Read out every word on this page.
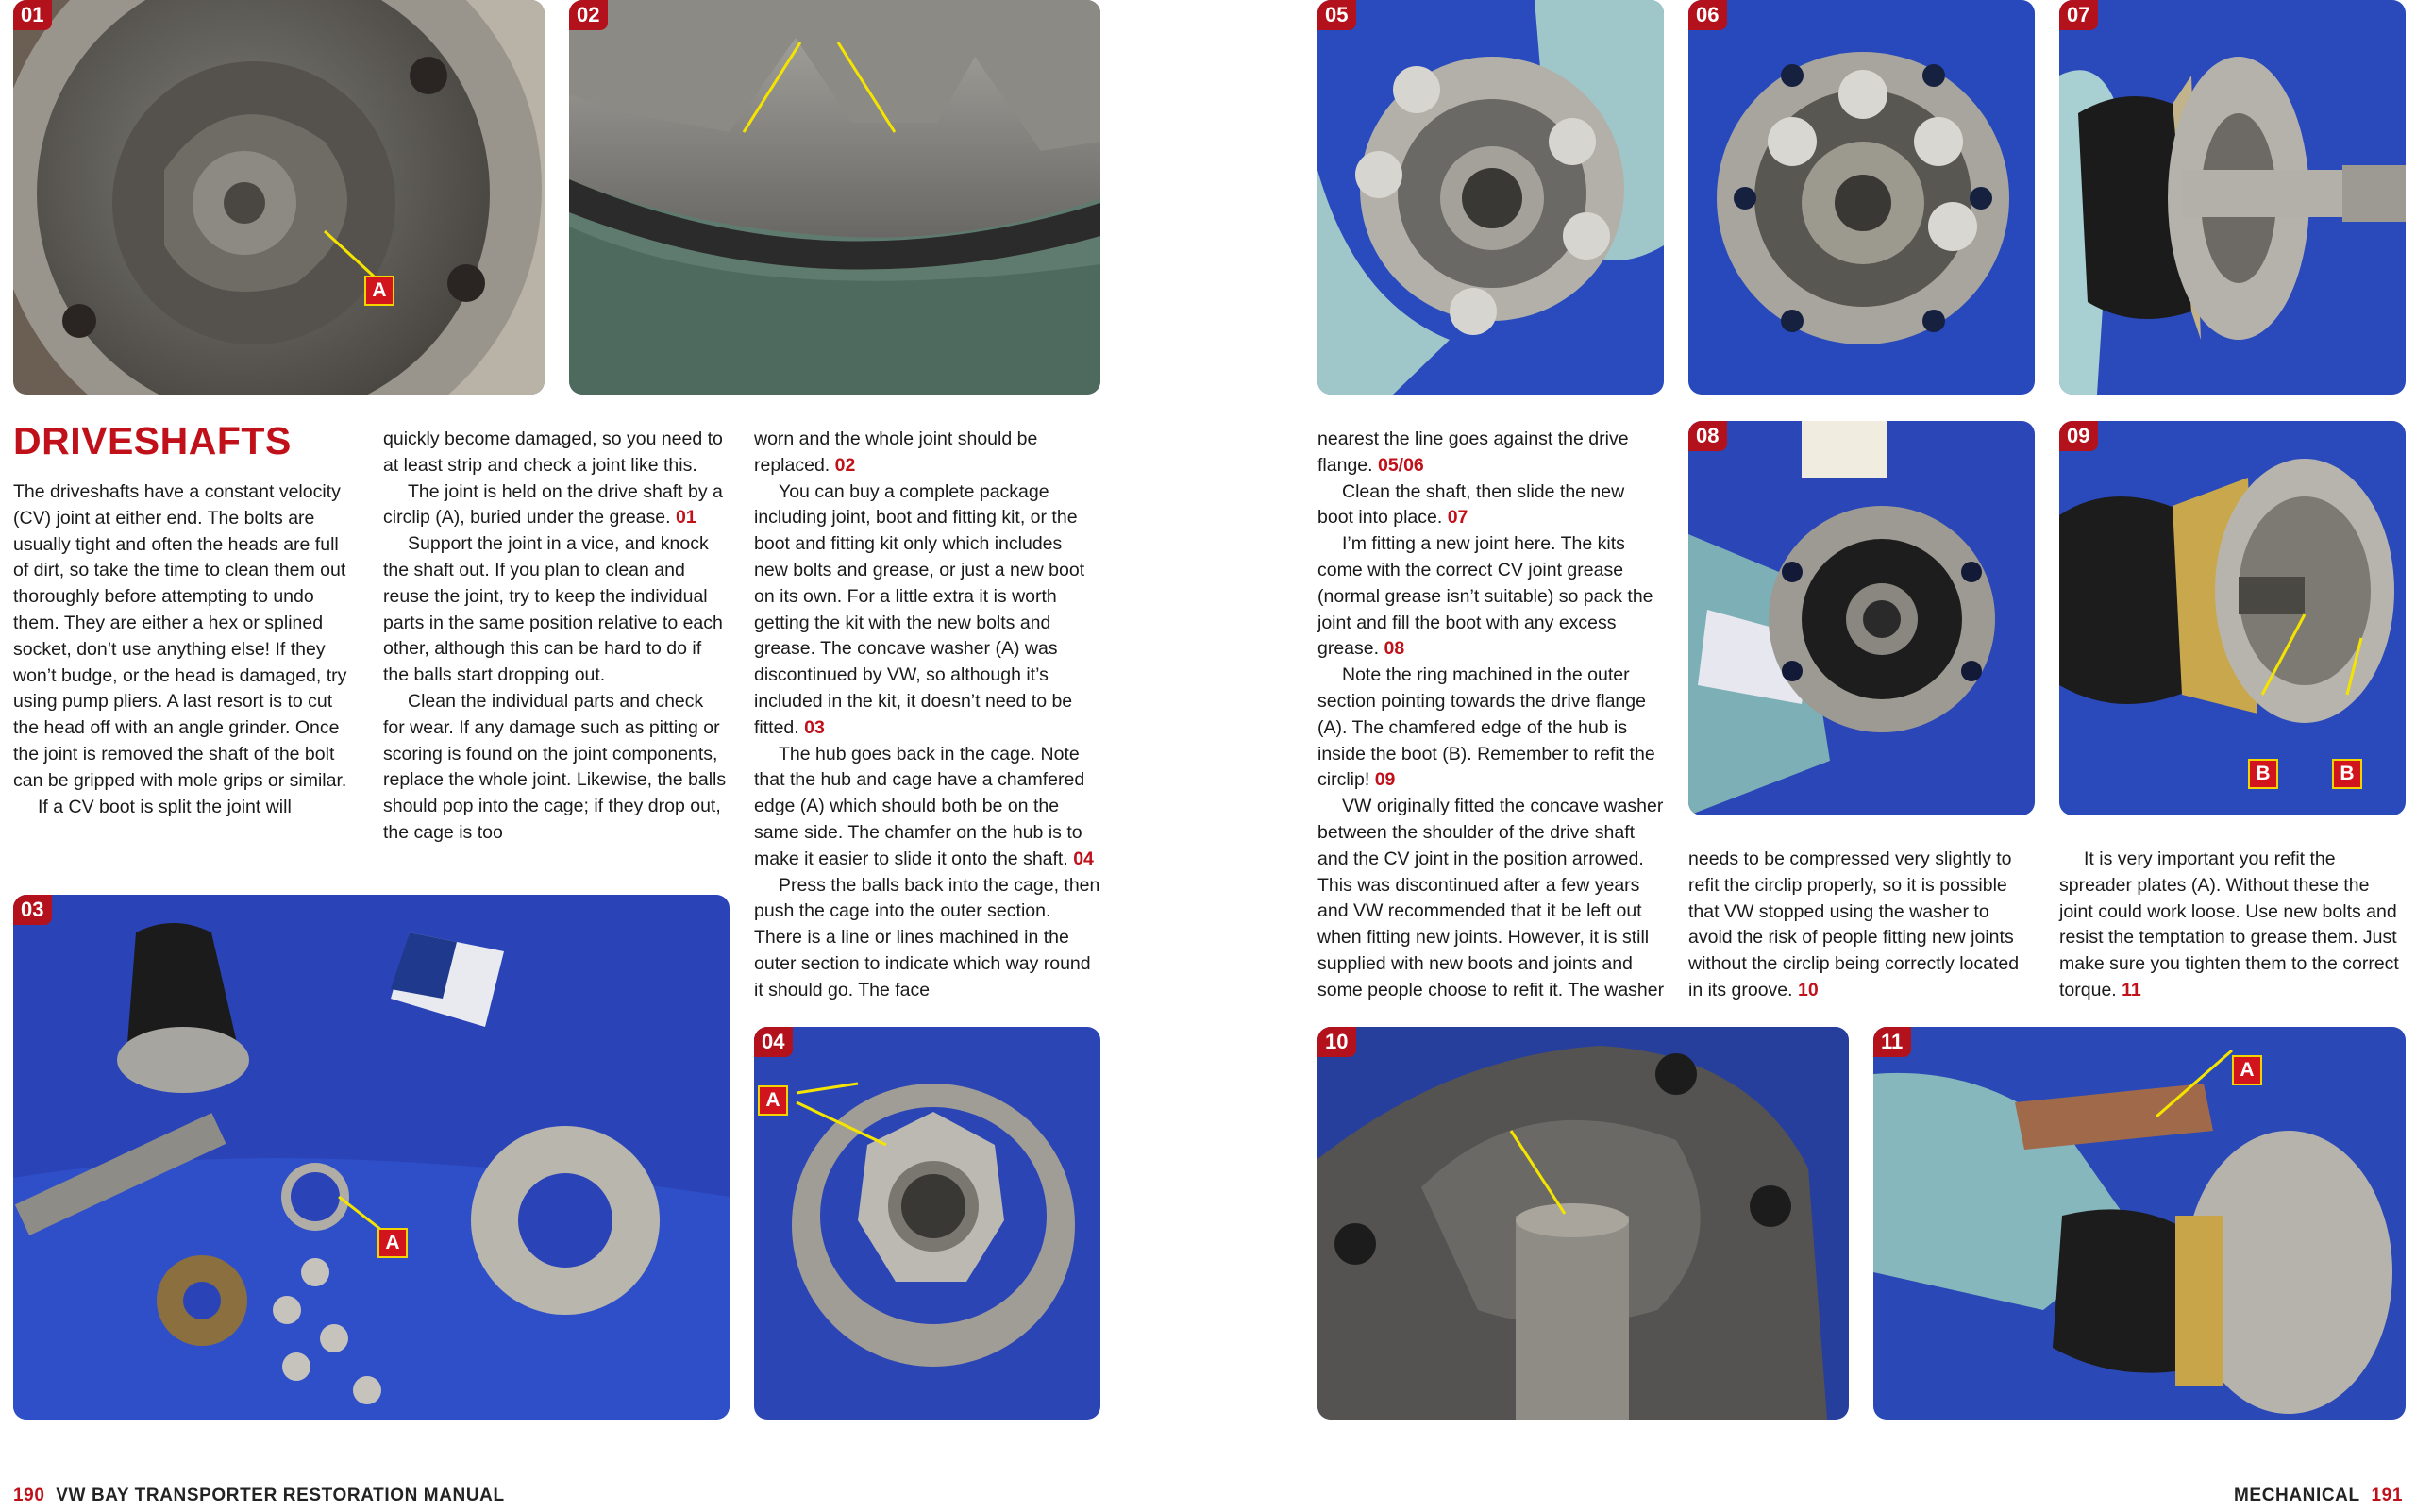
01
A
02
03
A
04
A
05	06	07
08	09
B	B
10	11
A
DRIVESHAFTS

The driveshafts have a constant velocity (CV) joint at either end. The bolts are usually tight and often the heads are full of dirt, so take the time to clean them out thoroughly before attempting to undo them. They are either a hex or splined socket, don’t use anything else! If they won’t budge, or the head is damaged, try using pump pliers. A last resort is to cut the head off with an angle grinder. Once the joint is removed the shaft of the bolt can be gripped with mole grips or similar.

If a CV boot is split the joint will

quickly become damaged, so you need to at least strip and check a joint like this.

The joint is held on the drive shaft by a circlip (A), buried under the grease. 01

Support the joint in a vice, and knock the shaft out. If you plan to clean and reuse the joint, try to keep the individual parts in the same position relative to each other, although this can be hard to do if the balls start dropping out.

Clean the individual parts and check for wear. If any damage such as pitting or scoring is found on the joint components, replace the whole joint. Likewise, the balls should pop into the cage; if they drop out, the cage is too

worn and the whole joint should be replaced. 02

You can buy a complete package including joint, boot and fitting kit, or the boot and fitting kit only which includes new bolts and grease, or just a new boot on its own. For a little extra it is worth getting the kit with the new bolts and grease. The concave washer (A) was discontinued by VW, so although it’s included in the kit, it doesn’t need to be fitted. 03

The hub goes back in the cage. Note that the hub and cage have a chamfered edge (A) which should both be on the same side. The chamfer on the hub is to make it easier to slide it onto the shaft. 04

Press the balls back into the cage, then push the cage into the outer section. There is a line or lines machined in the outer section to indicate which way round it should go. The face

nearest the line goes against the drive flange. 05/06

Clean the shaft, then slide the new boot into place. 07

I’m fitting a new joint here. The kits come with the correct CV joint grease (normal grease isn’t suitable) so pack the joint and fill the boot with any excess grease. 08

Note the ring machined in the outer section pointing towards the drive flange (A). The chamfered edge of the hub is inside the boot (B). Remember to refit the circlip! 09

VW originally fitted the concave washer between the shoulder of the drive shaft and the CV joint in the position arrowed. This was discontinued after a few years and VW recommended that it be left out when fitting new joints. However, it is still supplied with new boots and joints and some people choose to refit it. The washer

needs to be compressed very slightly to refit the circlip properly, so it is possible that VW stopped using the washer to avoid the risk of people fitting new joints without the circlip being correctly located in its groove. 10

It is very important you refit the spreader plates (A). Without these the joint could work loose. Use new bolts and resist the temptation to grease them. Just make sure you tighten them to the correct torque. 11

190 VW BAY TRANSPORTER RESTORATION MANUAL	MECHANICAL 191
